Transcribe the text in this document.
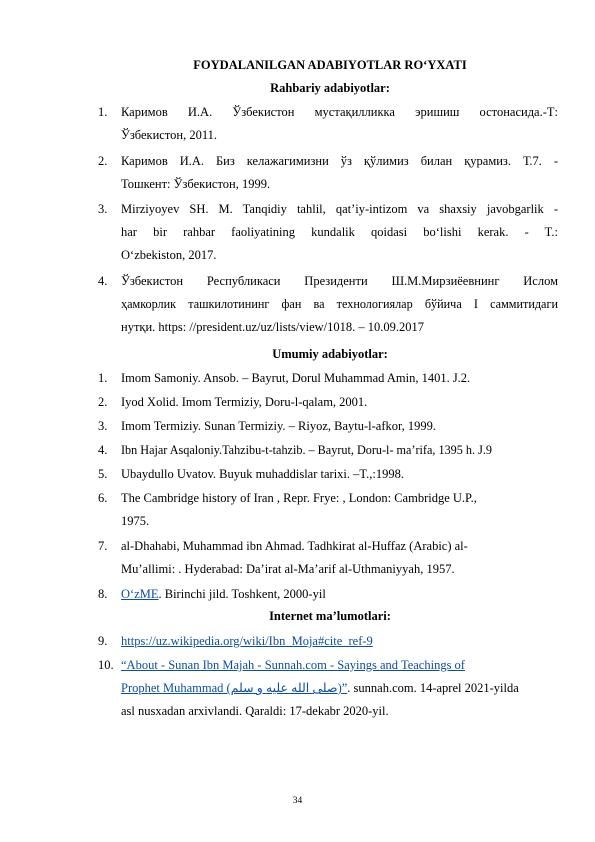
FOYDALANILGAN ADABIYOTLAR RO‘YXATI
Rahbariy adabiyotlar:
1.	Каримов И.А. Ўзбекистон мустақилликка эришиш остонасида.-Т:
Ўзбекистон, 2011.
2.	Каримов И.А. Биз келажагимизни ўз қўлимиз билан қурамиз. Т.7. -
Тошкент: Ўзбекистон, 1999.
3.	Mirziyoyev SH. M. Tanqidiy tahlil, qat’iy-intizom va shaxsiy javobgarlik -
har bir rahbar faoliyatining kundalik qoidasi bo‘lishi kerak. - T.:
O‘zbekiston, 2017.
4.	Ўзбекистон Республикаси Президенти Ш.М.Мирзиёевнинг Ислом
ҳамкорлик ташкилотининг фан ва технологиялар бўйича I саммитидаги
нутқи. https: //president.uz/uz/lists/view/1018. – 10.09.2017
Umumiy adabiyotlar:
1.	Imom Samoniy. Ansob. – Bayrut, Dorul Muhammad Amin, 1401. J.2.
2.	Iyod Xolid. Imom Termiziy, Doru-l-qalam, 2001.
3.	Imom Termiziy. Sunan Termiziy. – Riyoz, Baytu-l-afkor, 1999.
4.	Ibn Hajar Asqaloniy.Tahzibu-t-tahzib. – Bayrut, Doru-l- ma’rifa, 1395 h. J.9
5.	Ubaydullo Uvatov. Buyuk muhaddislar tarixi. –T.,:1998.
6.	The Cambridge history of Iran , Repr. Frye: , London: Cambridge U.P.,
1975.
7.	al-Dhahabi, Muhammad ibn Ahmad. Tadhkirat al-Huffaz (Arabic) al-
Mu’allimi: . Hyderabad: Da’irat al-Ma’arif al-Uthmaniyyah, 1957.
8.	O‘zME. Birinchi jild. Toshkent, 2000-yil
Internet ma’lumotlari:
9.	https://uz.wikipedia.org/wiki/Ibn_Moja#cite_ref-9
10. “About - Sunan Ibn Majah - Sunnah.com - Sayings and Teachings of
Prophet Muhammad (صلى الله عليه و سلم)”. sunnah.com. 14-aprel 2021-yilda
asl nusxadan arxivlandi. Qaraldi: 17-dekabr 2020-yil.
34
